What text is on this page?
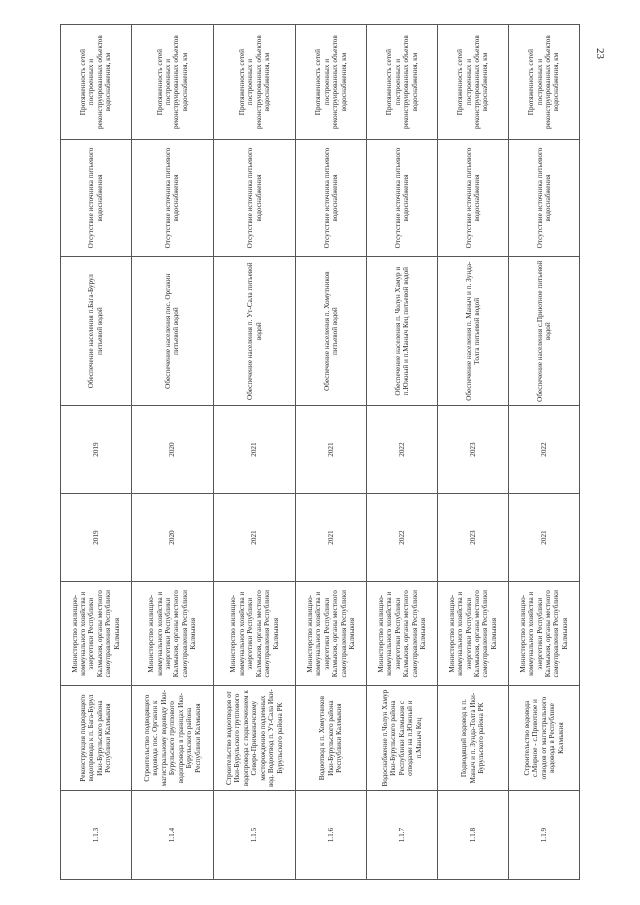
23
1.1.3	Реконструкция подводящего водопровода к п. Бага-Бурул Ики-Бурульского района Республики Калмыкия	Министерство жилищно-коммунального хозяйства и энергетики Республики Калмыкия, органы местного самоуправления Республики Калмыкия	2019	2019	Обеспечение населения п.Бага-Бурул питьевой водой	Отсутствие источника питьевого водоснабжения	Протяженность сетей построенных и реконструированных объектов водоснабжения, км
1.1.4	Строительство подводящего водовода пос. Оргакин к магистральному водоводу Ики-Бурульского группового водопровода в границах Ики-Бурульского района Республики Калмыкия	Министерство жилищно-коммунального хозяйства и энергетики Республики Калмыкия, органы местного самоуправления Республики Калмыкия	2020	2020	Обеспечение населения пос. Оргакин питьевой водой	Отсутствие источника питьевого водоснабжения	Протяженность сетей построенных и реконструированных объектов водоснабжения, км
1.1.5	Строительство водоотводов от Ики-Бурульского группового водопровода с подключением к Северо-Приманычскому месторождению подземных вод. Водоотвод п. Ут-Сала Ики-Бурульского района РК	Министерство жилищно-коммунального хозяйства и энергетики Республики Калмыкия, органы местного самоуправления Республики Калмыкия	2021	2021	Обеспечение населения п. Ут-Сала питьевой водой	Отсутствие источника питьевого водоснабжения	Протяженность сетей построенных и реконструированных объектов водоснабжения, км
1.1.6	Водоотвод к п. Хомутников Ики-Бурульского района Республики Калмыкия	Министерство жилищно-коммунального хозяйства и энергетики Республики Калмыкия, органы местного самоуправления Республики Калмыкия	2021	2021	Обеспечение населения п. Хомутников питьевой водой	Отсутствие источника питьевого водоснабжения	Протяженность сетей построенных и реконструированных объектов водоснабжения, км
1.1.7	Водоснабжение п.Чолун Хамур Ики-Бурульского района Республики Калмыкия с отводами на п.Южный и п.Маныч Кец	Министерство жилищно-коммунального хозяйства и энергетики Республики Калмыкия, органы местного самоуправления Республики Калмыкия	2022	2022	Обеспечение населения п. Чолун Хамур и п.Южный и п.Маныч Кец питьевой водой	Отсутствие источника питьевого водоснабжения	Протяженность сетей построенных и реконструированных объектов водоснабжения, км
1.1.8	Подводящий водовод к п. Маныч и п. Зунда-Толга Ики-Бурульского района РК	Министерство жилищно-коммунального хозяйства и энергетики Республики Калмыкия, органы местного самоуправления Республики Калмыкия	2023	2023	Обеспечение населения п. Маныч и п. Зунда-Толга питьевой водой	Отсутствие источника питьевого водоснабжения	Протяженность сетей построенных и реконструированных объектов водоснабжения, км
1.1.9	Строительство водовода с.Мирное - с.Приютное и отводов от магистрального водовода в Республике Калмыкия	Министерство жилищно-коммунального хозяйства и энергетики Республики Калмыкия, органы местного самоуправления Республики Калмыкия	2021	2022	Обеспечение населения с.Приютное питьевой водой	Отсутствие источника питьевого водоснабжения	Протяженность сетей построенных и реконструированных объектов водоснабжения, км
